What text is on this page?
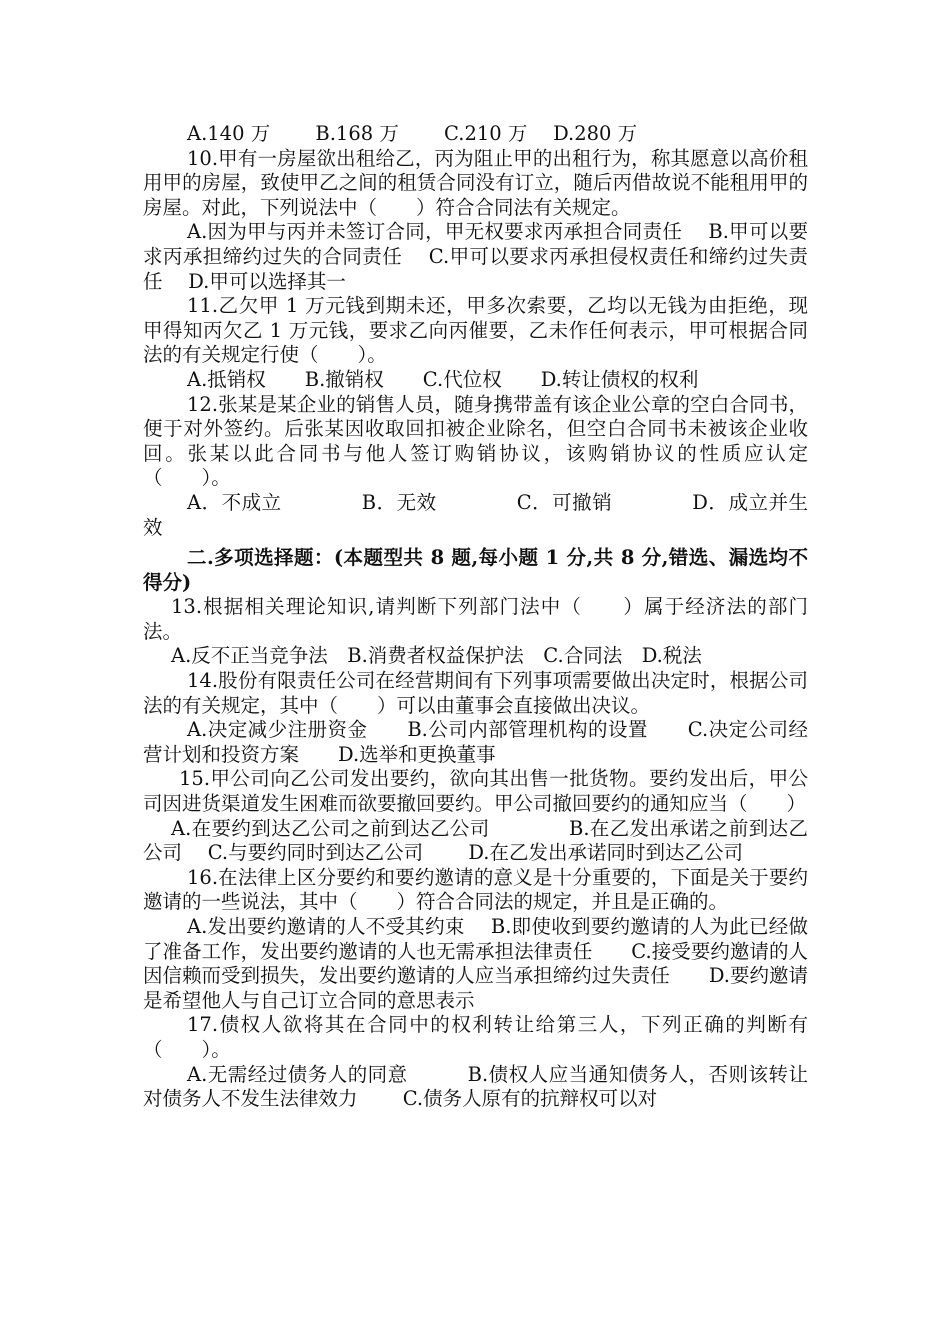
A.140 万　　 B.168 万　　 C.210 万　 D.280 万

10.甲有一房屋欲出租给乙，丙为阻止甲的出租行为，称其愿意以高价租用甲的房屋，致使甲乙之间的租赁合同没有订立，随后丙借故说不能租用甲的房屋。对此，下列说法中（　　）符合合同法有关规定。

A.因为甲与丙并未签订合同，甲无权要求丙承担合同责任　 B.甲可以要求丙承担缔约过失的合同责任　 C.甲可以要求丙承担侵权责任和缔约过失责任　 D.甲可以选择其一

11.乙欠甲 1 万元钱到期未还，甲多次索要，乙均以无钱为由拒绝，现甲得知丙欠乙 1 万元钱，要求乙向丙催要，乙未作任何表示，甲可根据合同法的有关规定行使（　　）。

A.抵销权　　B.撤销权　　C.代位权　　D.转让债权的权利

12.张某是某企业的销售人员，随身携带盖有该企业公章的空白合同书，便于对外签约。后张某因收取回扣被企业除名，但空白合同书未被该企业收回。张某以此合同书与他人签订购销协议，该购销协议的性质应认定（　　）。

A．不成立　　　　B．无效　　　　C．可撤销　　　　D．成立并生效

二.多项选择题：(本题型共 8 题,每小题 1 分,共 8 分,错选、漏选均不得分)

13.根据相关理论知识,请判断下列部门法中（　　）属于经济法的部门法。

A.反不正当竞争法　B.消费者权益保护法　C.合同法　D.税法

14.股份有限责任公司在经营期间有下列事项需要做出决定时，根据公司法的有关规定，其中（　　）可以由董事会直接做出决议。

A.决定减少注册资金　　B.公司内部管理机构的设置　　C.决定公司经营计划和投资方案　　D.选举和更换董事

15.甲公司向乙公司发出要约，欲向其出售一批货物。要约发出后，甲公司因进货渠道发生困难而欲要撤回要约。甲公司撤回要约的通知应当（　　）

A.在要约到达乙公司之前到达乙公司　　　　B.在乙发出承诺之前到达乙公司　 C.与要约同时到达乙公司　　 D.在乙发出承诺同时到达乙公司

16.在法律上区分要约和要约邀请的意义是十分重要的，下面是关于要约邀请的一些说法，其中（　　）符合合同法的规定，并且是正确的。

A.发出要约邀请的人不受其约束　 B.即使收到要约邀请的人为此已经做了准备工作，发出要约邀请的人也无需承担法律责任　　C.接受要约邀请的人因信赖而受到损失，发出要约邀请的人应当承担缔约过失责任　　D.要约邀请是希望他人与自己订立合同的意思表示

17.债权人欲将其在合同中的权利转让给第三人，下列正确的判断有（　　）。

A.无需经过债务人的同意　　　B.债权人应当通知债务人，否则该转让对债务人不发生法律效力　　 C.债务人原有的抗辩权可以对
